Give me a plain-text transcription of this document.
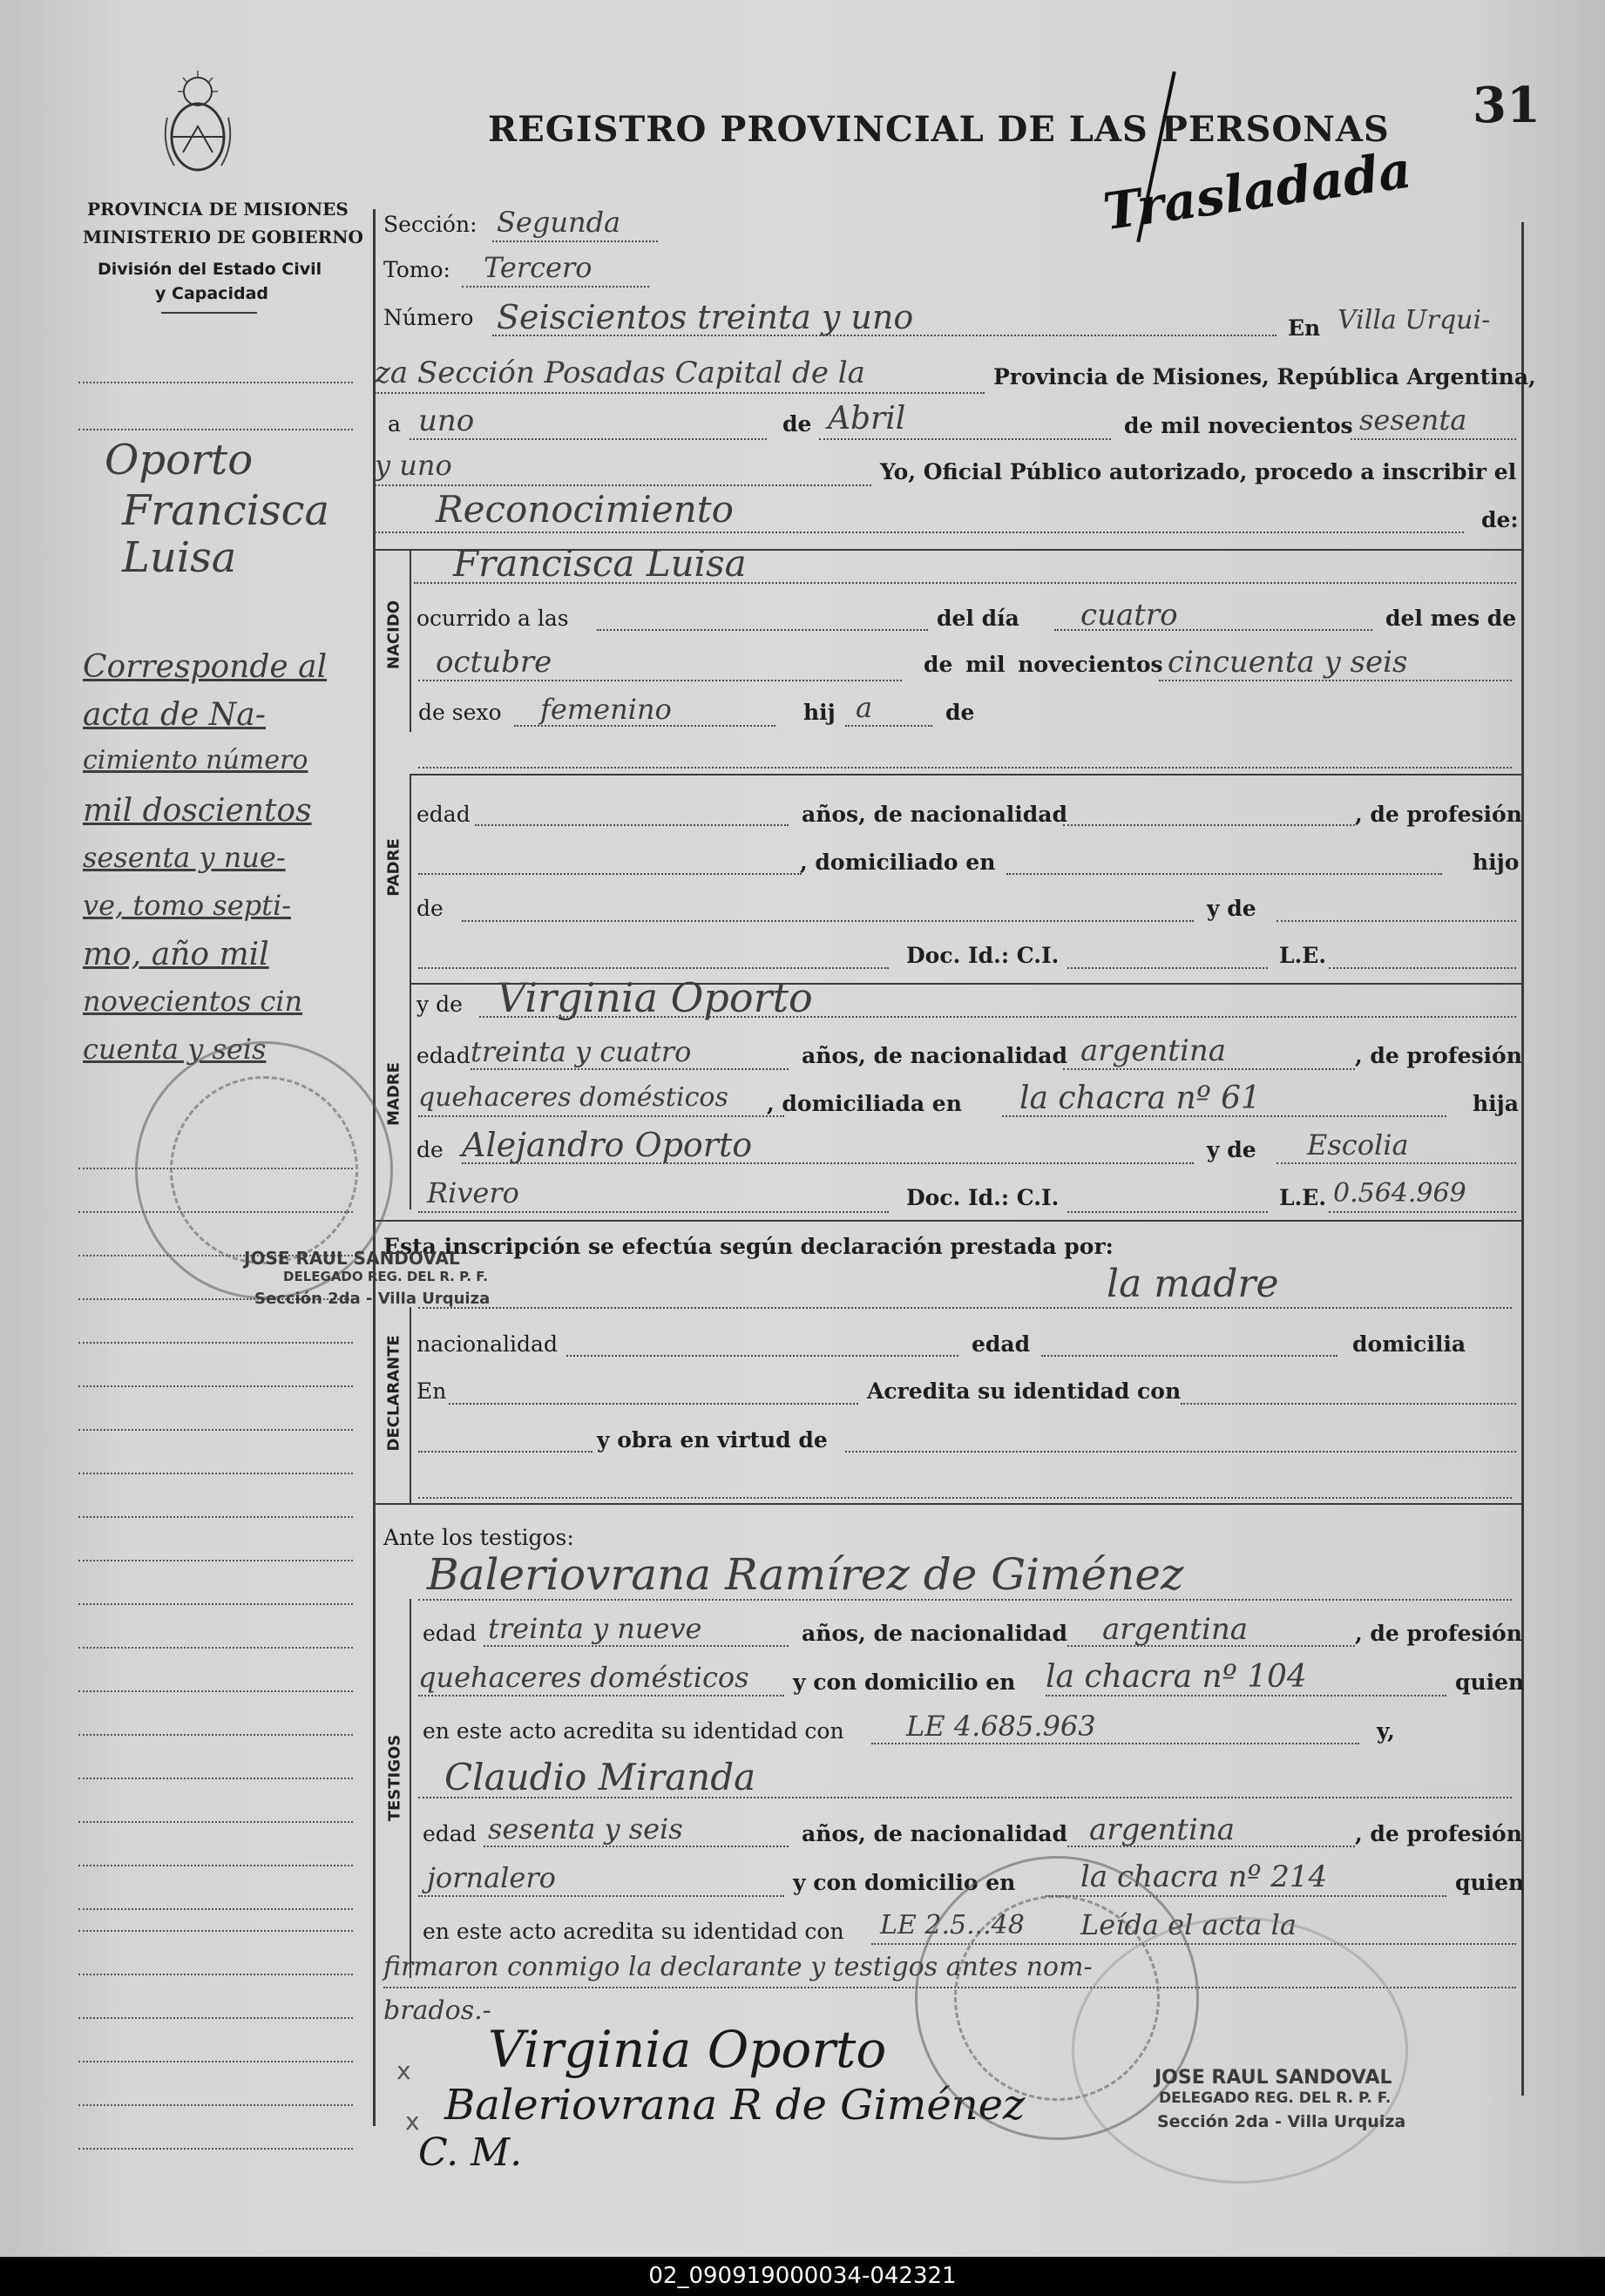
PROVINCIA DE MISIONES
MINISTERIO DE GOBIERNO
División del Estado Civil
y Capacidad
REGISTRO PROVINCIAL DE LAS PERSONAS 31
Trasladada
Oporto
Francisca
Luisa
Corresponde al
acta de Na-
cimiento número
mil doscientos
sesenta y nue-
ve, tomo septi-
mo, año mil
novecientos cin
cuenta y seis
Sección: Segunda
Tomo: Tercero
Número Seiscientos treinta y uno	En Villa Urqui-
za Sección Posadas Capital de la	Provincia de Misiones, República Argentina,
a uno	de Abril	de mil novecientos sesenta
y uno	Yo, Oficial Público autorizado, procedo a inscribir el
Reconocimiento	de:
NACIDO
Francisca Luisa
ocurrido a las	del día cuatro	del mes de
octubre	de mil novecientos cincuenta y seis
de sexo femenino	hij a	de
PADRE
edad	años, de nacionalidad	, de profesión
, domiciliado en	hijo
de	y de
Doc. Id.: C.I.	L.E.
MADRE
y de Virginia Oporto
edad treinta y cuatro	años, de nacionalidad argentina	, de profesión
quehaceres domésticos , domiciliada en la chacra nº 61	hija
de Alejandro Oporto	y de Escolia
Rivero	Doc. Id.: C.I.	L.E. 0.564.969
Esta inscripción se efectúa según declaración prestada por:
la madre
DECLARANTE nacionalidad	edad	domicilia
En	Acredita su identidad con
y obra en virtud de
Ante los testigos:
Baleriovrana Ramírez de Giménez
TESTIGOS
edad treinta y nueve	años, de nacionalidad argentina	, de profesión
quehaceres domésticos y con domicilio en la chacra nº 104	quien
en este acto acredita su identidad con LE 4.685.963	y,
Claudio Miranda
edad sesenta y seis	años, de nacionalidad argentina	, de profesión
jornalero	y con domicilio en la chacra nº 214	quien
en este acto acredita su identidad con LE 2.5...48 Leída el acta la
firmaron conmigo la declarante y testigos antes nom-
brados.-
x Virginia Oporto
x Baleriovrana R de Giménez
C. M.
JOSE RAUL SANDOVAL
DELEGADO REG. DEL R. P. F.
Sección 2da - Villa Urquiza
JOSE RAUL SANDOVAL
DELEGADO REG. DEL R. P. F.
Sección 2da - Villa Urquiza
02_090919000034-042321
